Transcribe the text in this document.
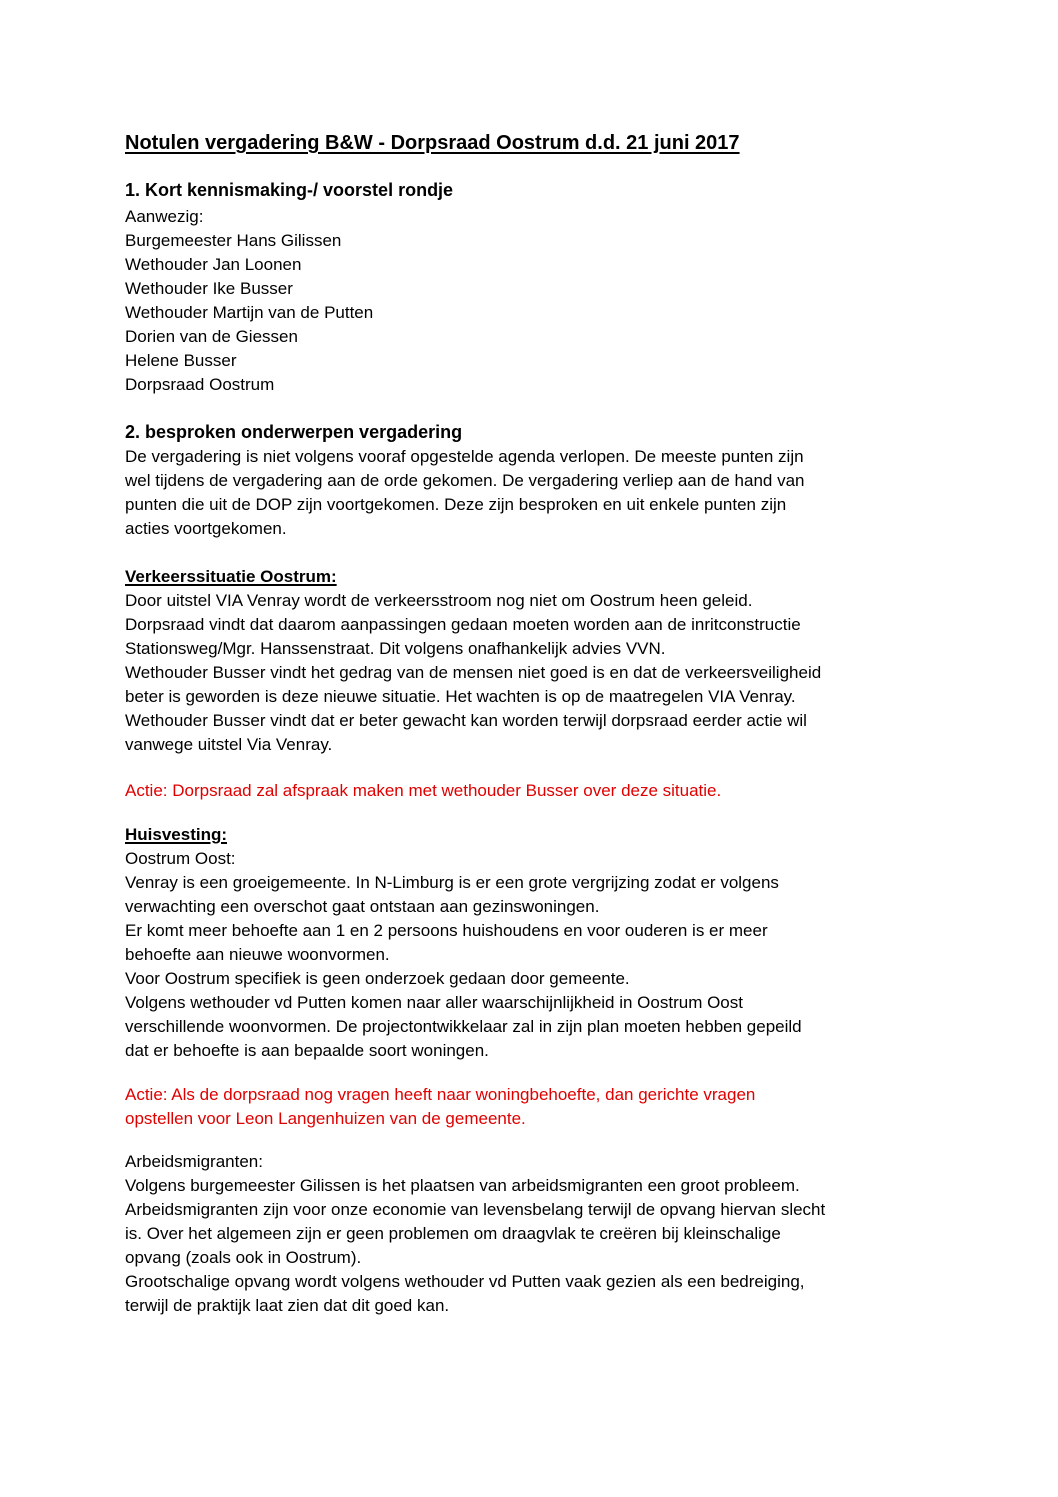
Notulen vergadering B&W - Dorpsraad Oostrum d.d. 21 juni 2017
1. Kort kennismaking-/ voorstel rondje
Aanwezig:
Burgemeester Hans Gilissen
Wethouder Jan Loonen
Wethouder Ike Busser
Wethouder Martijn van de Putten
Dorien van de Giessen
Helene Busser
Dorpsraad Oostrum
2. besproken onderwerpen vergadering
De vergadering is niet volgens vooraf opgestelde agenda verlopen. De meeste punten zijn
wel tijdens de vergadering aan de orde gekomen. De vergadering verliep aan de hand van
punten die uit de DOP zijn voortgekomen. Deze zijn besproken en uit enkele punten zijn
acties voortgekomen.
Verkeerssituatie Oostrum:
Door uitstel VIA Venray wordt de verkeersstroom nog niet om Oostrum heen geleid.
Dorpsraad vindt dat daarom aanpassingen gedaan moeten worden aan de inritconstructie
Stationsweg/Mgr. Hanssenstraat. Dit volgens onafhankelijk advies VVN.
Wethouder Busser vindt het gedrag van de mensen niet goed is en dat de verkeersveiligheid
beter is geworden is deze nieuwe situatie. Het wachten is op de maatregelen VIA Venray.
Wethouder Busser vindt dat er beter gewacht kan worden terwijl dorpsraad eerder actie wil
vanwege uitstel Via Venray.
Actie: Dorpsraad zal afspraak maken met wethouder Busser over deze situatie.
Huisvesting:
Oostrum Oost:
Venray is een groeigemeente. In N-Limburg is er een grote vergrijzing zodat er volgens
verwachting een overschot gaat ontstaan aan gezinswoningen.
Er komt meer behoefte aan 1 en 2 persoons huishoudens en voor ouderen is er meer
behoefte aan nieuwe woonvormen.
Voor Oostrum specifiek is geen onderzoek gedaan door gemeente.
Volgens wethouder vd Putten komen naar aller waarschijnlijkheid in Oostrum Oost
verschillende woonvormen. De projectontwikkelaar zal in zijn plan moeten hebben gepeild
dat er behoefte is aan bepaalde soort woningen.
Actie: Als de dorpsraad nog vragen heeft naar woningbehoefte, dan gerichte vragen
opstellen voor Leon Langenhuizen van de gemeente.
Arbeidsmigranten:
Volgens burgemeester Gilissen is het plaatsen van arbeidsmigranten een groot probleem.
Arbeidsmigranten zijn voor onze economie van levensbelang terwijl de opvang hiervan slecht
is. Over het algemeen zijn er geen problemen om draagvlak te creëren bij kleinschalige
opvang (zoals ook in Oostrum).
Grootschalige opvang wordt volgens wethouder vd Putten vaak gezien als een bedreiging,
terwijl de praktijk laat zien dat dit goed kan.
